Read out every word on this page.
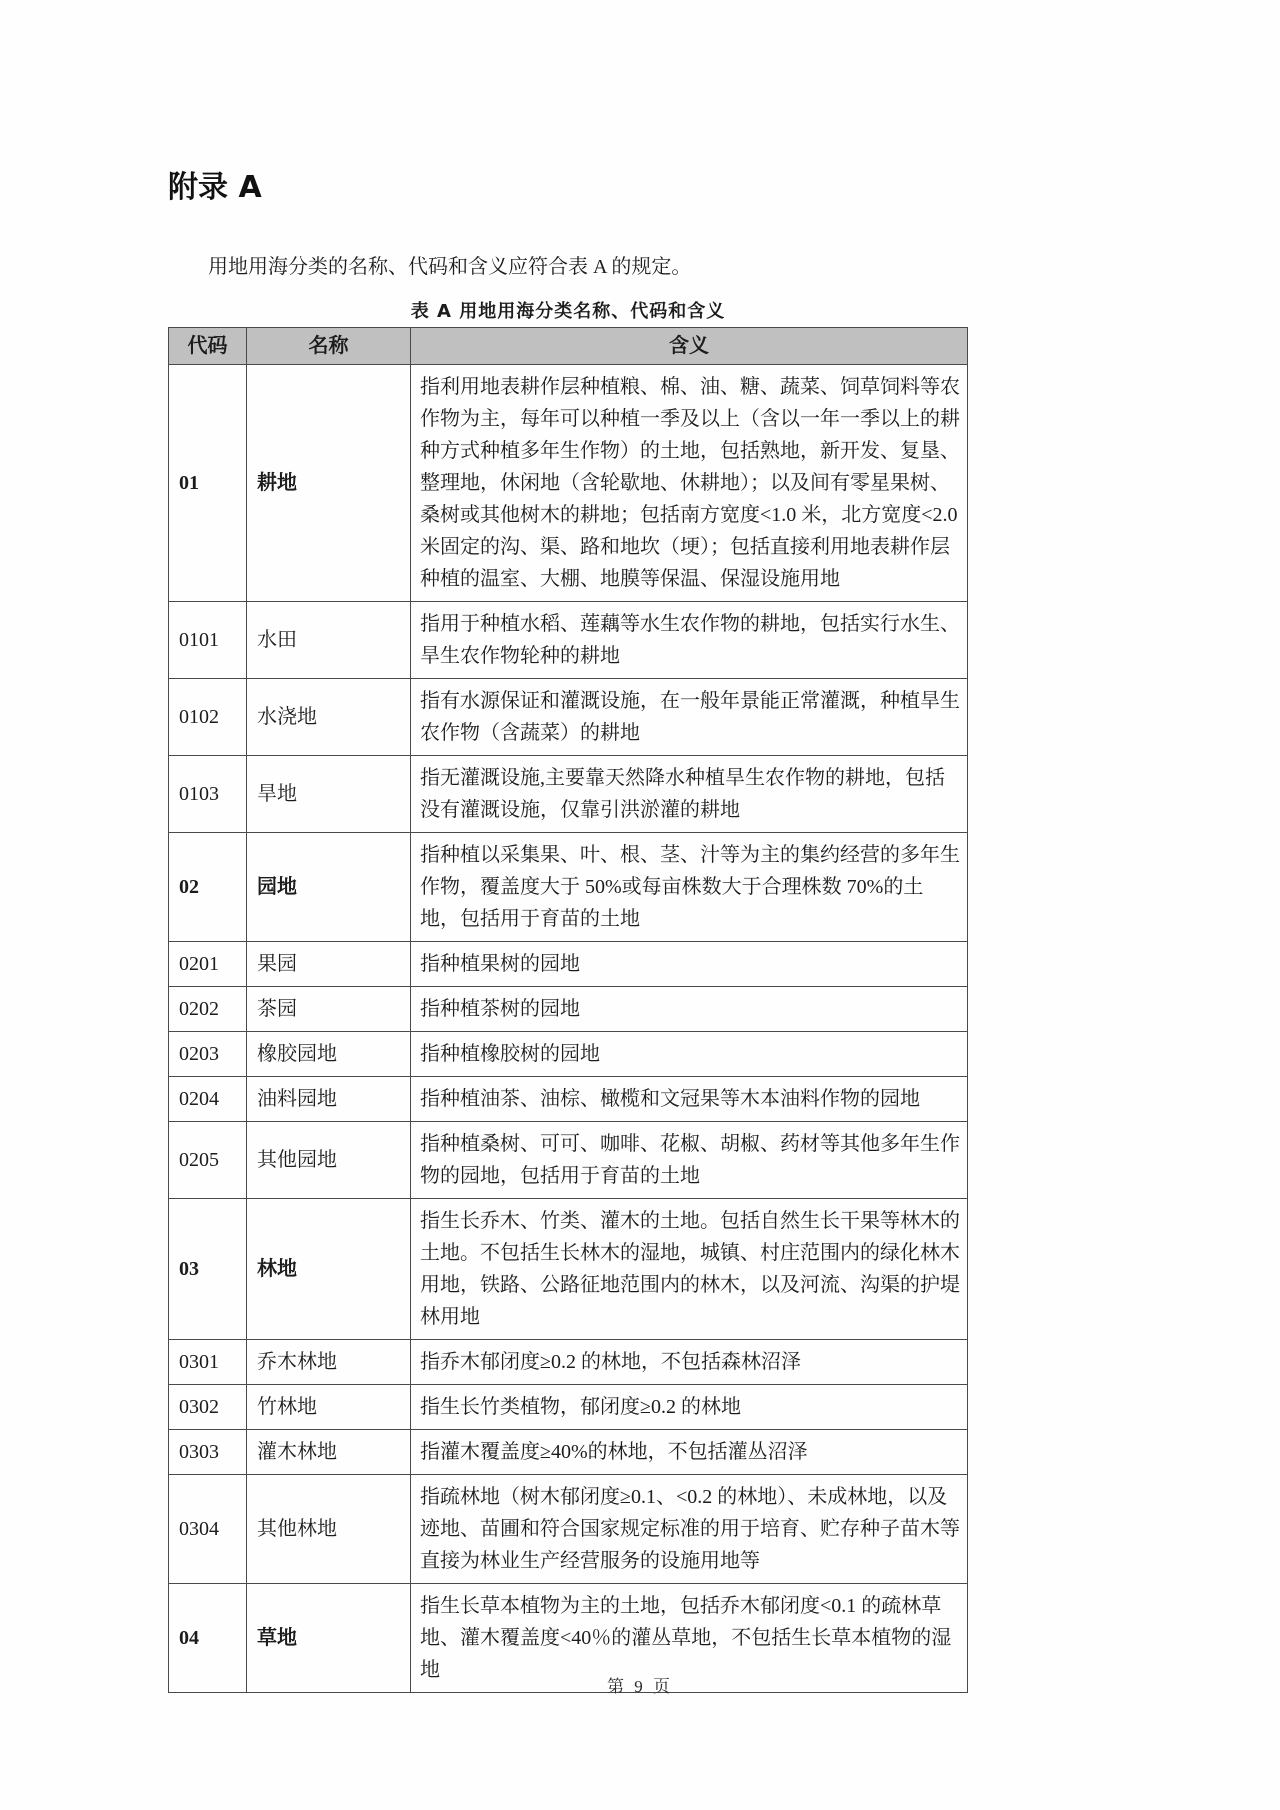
附录 A

用地用海分类的名称、代码和含义应符合表 A 的规定。

表 A 用地用海分类名称、代码和含义
代码	名称	含义
01	耕地	指利用地表耕作层种植粮、棉、油、糖、蔬菜、饲草饲料等农作物为主，每年可以种植一季及以上（含以一年一季以上的耕种方式种植多年生作物）的土地，包括熟地，新开发、复垦、整理地，休闲地（含轮歇地、休耕地）；以及间有零星果树、桑树或其他树木的耕地；包括南方宽度<1.0 米，北方宽度<2.0 米固定的沟、渠、路和地坎（埂）；包括直接利用地表耕作层种植的温室、大棚、地膜等保温、保湿设施用地
0101	水田	指用于种植水稻、莲藕等水生农作物的耕地，包括实行水生、旱生农作物轮种的耕地
0102	水浇地	指有水源保证和灌溉设施，在一般年景能正常灌溉，种植旱生农作物（含蔬菜）的耕地
0103	旱地	指无灌溉设施,主要靠天然降水种植旱生农作物的耕地，包括没有灌溉设施，仅靠引洪淤灌的耕地
02	园地	指种植以采集果、叶、根、茎、汁等为主的集约经营的多年生作物，覆盖度大于 50%或每亩株数大于合理株数 70%的土地，包括用于育苗的土地
0201	果园	指种植果树的园地
0202	茶园	指种植茶树的园地
0203	橡胶园地	指种植橡胶树的园地
0204	油料园地	指种植油茶、油棕、橄榄和文冠果等木本油料作物的园地
0205	其他园地	指种植桑树、可可、咖啡、花椒、胡椒、药材等其他多年生作物的园地，包括用于育苗的土地
03	林地	指生长乔木、竹类、灌木的土地。包括自然生长干果等林木的土地。不包括生长林木的湿地，城镇、村庄范围内的绿化林木用地，铁路、公路征地范围内的林木，以及河流、沟渠的护堤林用地
0301	乔木林地	指乔木郁闭度≥0.2 的林地，不包括森林沼泽
0302	竹林地	指生长竹类植物，郁闭度≥0.2 的林地
0303	灌木林地	指灌木覆盖度≥40%的林地，不包括灌丛沼泽
0304	其他林地	指疏林地（树木郁闭度≥0.1、<0.2 的林地）、未成林地，以及迹地、苗圃和符合国家规定标准的用于培育、贮存种子苗木等直接为林业生产经营服务的设施用地等
04	草地	指生长草本植物为主的土地，包括乔木郁闭度<0.1 的疏林草地、灌木覆盖度<40％的灌丛草地，不包括生长草本植物的湿地
第 9 页
